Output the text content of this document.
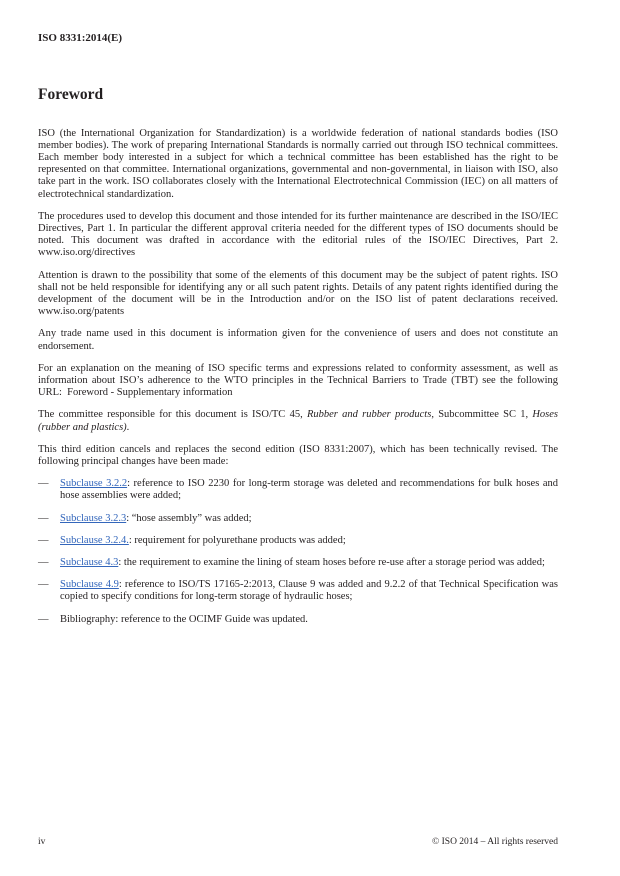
ISO 8331:2014(E)
Foreword

ISO (the International Organization for Standardization) is a worldwide federation of national standards bodies (ISO member bodies). The work of preparing International Standards is normally carried out through ISO technical committees. Each member body interested in a subject for which a technical committee has been established has the right to be represented on that committee. International organizations, governmental and non-governmental, in liaison with ISO, also take part in the work. ISO collaborates closely with the International Electrotechnical Commission (IEC) on all matters of electrotechnical standardization.

The procedures used to develop this document and those intended for its further maintenance are described in the ISO/IEC Directives, Part 1. In particular the different approval criteria needed for the different types of ISO documents should be noted. This document was drafted in accordance with the editorial rules of the ISO/IEC Directives, Part 2. www.iso.org/directives

Attention is drawn to the possibility that some of the elements of this document may be the subject of patent rights. ISO shall not be held responsible for identifying any or all such patent rights. Details of any patent rights identified during the development of the document will be in the Introduction and/or on the ISO list of patent declarations received. www.iso.org/patents

Any trade name used in this document is information given for the convenience of users and does not constitute an endorsement.

For an explanation on the meaning of ISO specific terms and expressions related to conformity assessment, as well as information about ISO’s adherence to the WTO principles in the Technical Barriers to Trade (TBT) see the following URL:  Foreword - Supplementary information

The committee responsible for this document is ISO/TC 45, Rubber and rubber products, Subcommittee SC 1, Hoses (rubber and plastics).

This third edition cancels and replaces the second edition (ISO 8331:2007), which has been technically revised. The following principal changes have been made:

—	Subclause 3.2.2: reference to ISO 2230 for long-term storage was deleted and recommendations for bulk hoses and hose assemblies were added;
—	Subclause 3.2.3: “hose assembly” was added;
—	Subclause 3.2.4.: requirement for polyurethane products was added;
—	Subclause 4.3: the requirement to examine the lining of steam hoses before re-use after a storage period was added;
—	Subclause 4.9: reference to ISO/TS 17165-2:2013, Clause 9 was added and 9.2.2 of that Technical Specification was copied to specify conditions for long-term storage of hydraulic hoses;
—	Bibliography: reference to the OCIMF Guide was updated.
iv	© ISO 2014 – All rights reserved
